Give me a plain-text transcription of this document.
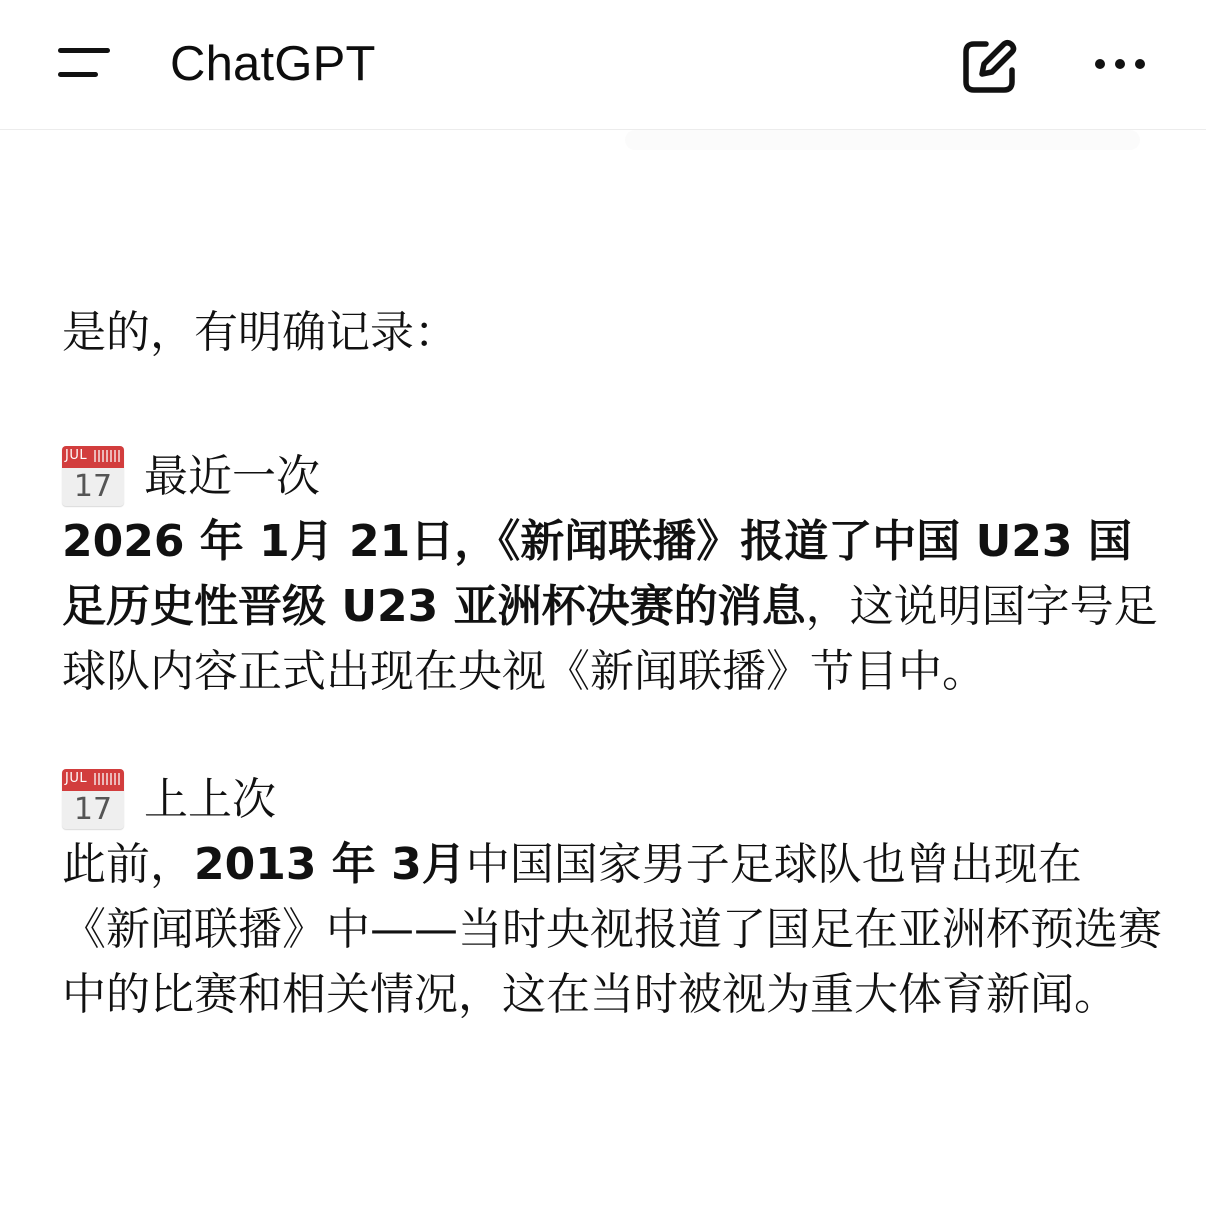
ChatGPT

是的，有明确记录：

JUL
17 最近一次

2026 年 1月 21日，《新闻联播》报道了中国 U23 国足历史性晋级 U23 亚洲杯决赛的消息，这说明国字号足球队内容正式出现在央视《新闻联播》节目中。

JUL
17 上上次

此前，2013 年 3月中国国家男子足球队也曾出现在《新闻联播》中——当时央视报道了国足在亚洲杯预选赛中的比赛和相关情况，这在当时被视为重大体育新闻。
